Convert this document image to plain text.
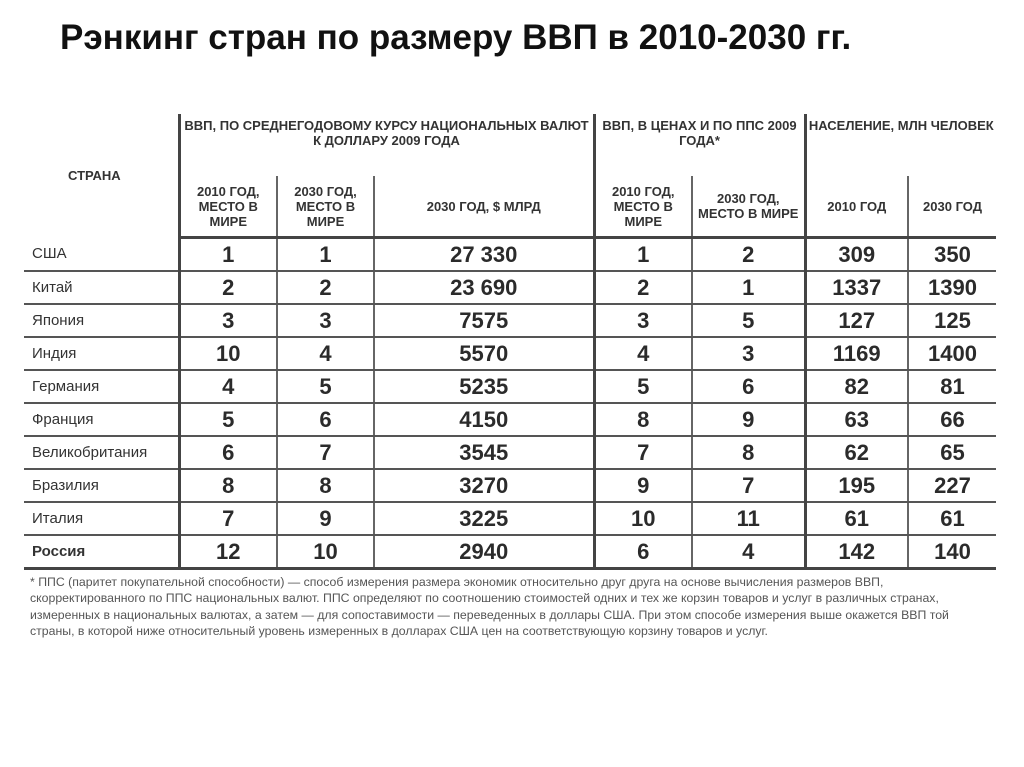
Рэнкинг стран по размеру ВВП в 2010-2030 гг.
СТРАНА	ВВП, ПО СРЕДНЕГОДОВОМУ КУРСУ НАЦИОНАЛЬНЫХ ВАЛЮТ К ДОЛЛАРУ 2009 ГОДА			ВВП, В ЦЕНАХ И ПО ППС 2009 ГОДА*		НАСЕЛЕНИЕ, МЛН ЧЕЛОВЕК	
	2010 ГОД, МЕСТО В МИРЕ	2030 ГОД, МЕСТО В МИРЕ	2030 ГОД, $ МЛРД	2010 ГОД, МЕСТО В МИРЕ	2030 ГОД, МЕСТО В МИРЕ	2010 ГОД	2030 ГОД
США	1	1	27 330	1	2	309	350
Китай	2	2	23 690	2	1	1337	1390
Япония	3	3	7575	3	5	127	125
Индия	10	4	5570	4	3	1169	1400
Германия	4	5	5235	5	6	82	81
Франция	5	6	4150	8	9	63	66
Великобритания	6	7	3545	7	8	62	65
Бразилия	8	8	3270	9	7	195	227
Италия	7	9	3225	10	11	61	61
Россия	12	10	2940	6	4	142	140

* ППС (паритет покупательной способности) — способ измерения размера экономик относительно друг друга на основе вычисления размеров ВВП, скорректированного по ППС национальных валют. ППС определяют по соотношению стоимостей одних и тех же корзин товаров и услуг в различных странах, измеренных в национальных валютах, а затем — для сопоставимости — переведенных в доллары США. При этом способе измерения выше окажется ВВП той страны, в которой ниже относительный уровень измеренных в долларах США цен на соответствующую корзину товаров и услуг.
